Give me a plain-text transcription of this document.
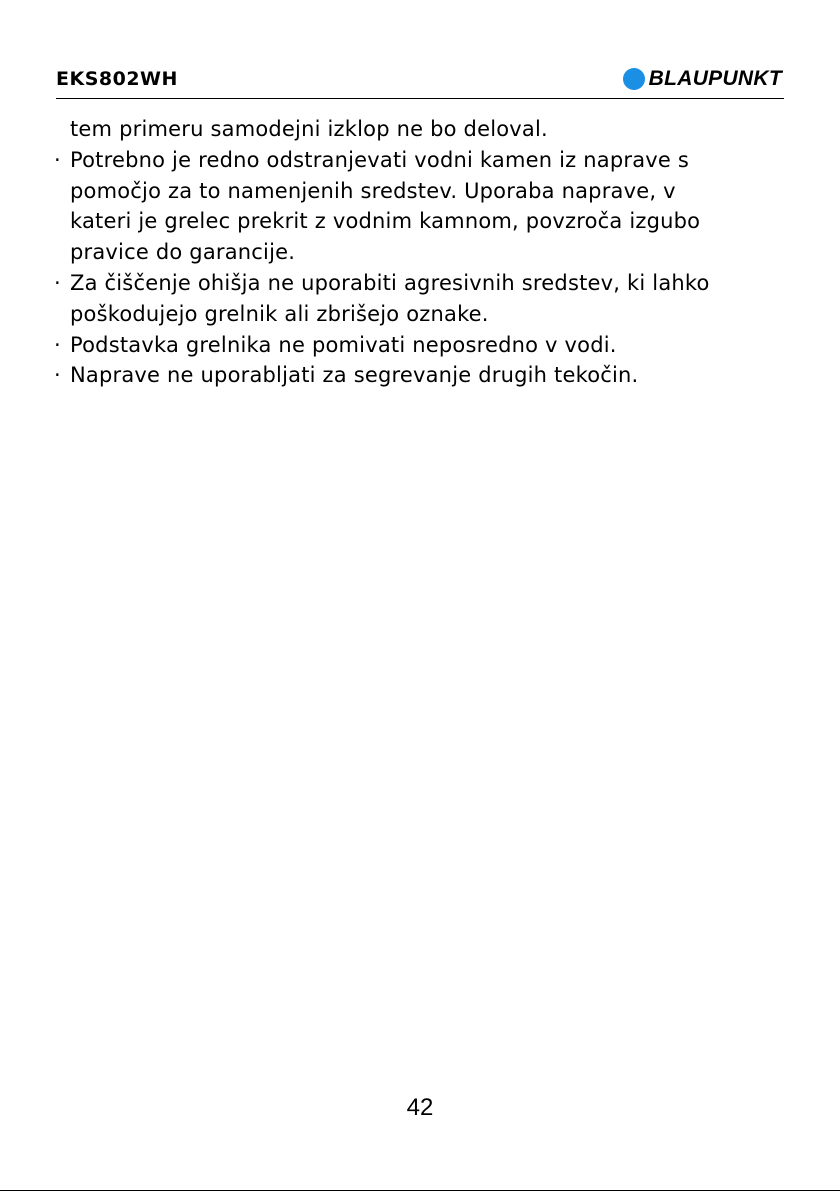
EKS802WH	BLAUPUNKT
tem primeru samodejni izklop ne bo deloval.
· Potrebno je redno odstranjevati vodni kamen iz naprave s
pomočjo za to namenjenih sredstev. Uporaba naprave, v
kateri je grelec prekrit z vodnim kamnom, povzroča izgubo
pravice do garancije.
· Za čiščenje ohišja ne uporabiti agresivnih sredstev, ki lahko
poškodujejo grelnik ali zbrišejo oznake.
· Podstavka grelnika ne pomivati neposredno v vodi.
· Naprave ne uporabljati za segrevanje drugih tekočin.
42
